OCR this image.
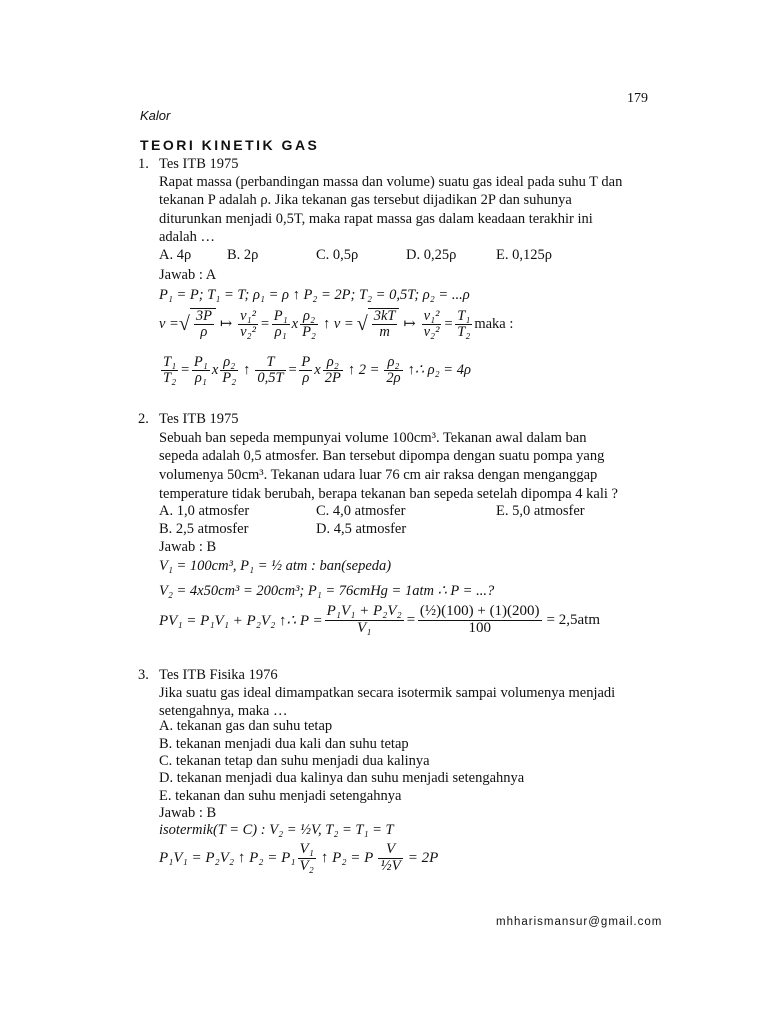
179
Kalor
TEORI KINETIK GAS
1. Tes ITB 1975
Rapat massa (perbandingan massa dan volume) suatu gas ideal pada suhu T dan
tekanan P adalah ρ. Jika tekanan gas tersebut dijadikan 2P dan suhunya
diturunkan menjadi 0,5T, maka rapat massa gas dalam keadaan terakhir ini
adalah …
A. 4ρ B. 2ρ	C. 0,5ρ	D. 0,25ρ	E. 0,125ρ
Jawab : A
P₁ = P; T₁ = T; ρ₁ = ρ ↑ P₂ = 2P; T₂ = 0,5T; ρ₂ = ...ρ
v = √ $\frac{3P}{\rho}$ ↦ $\frac{\text{v₁²}}{\text{v₂²}} = \frac{\text{P₁}}{\text{ρ₁}}$ x $\frac{\text{ρ₂}}{\text{P₂}}$ ↑ v = √ $\frac{3kT}{m}$ ↦ $\frac{\text{v₁²}}{\text{v₂²}} = \frac{\text{T₁}}{\text{T₂}}$ maka :
$\frac{\text{T₁}}{\text{T₂}} = \frac{\text{P₁}}{\text{ρ₁}}$ x $\frac{\text{ρ₂}}{\text{P₂}}$ ↑ $\frac{T}{0,5T} = \frac{P}{\rho}$ x $\frac{\text{ρ₂}}{2P}$ ↑ $2 = \frac{\text{ρ₂}}{2\rho}$ ↑∴ ρ₂ = 4ρ
2. Tes ITB 1975
Sebuah ban sepeda mempunyai volume 100cm³. Tekanan awal dalam ban
sepeda adalah 0,5 atmosfer. Ban tersebut dipompa dengan suatu pompa yang
volumenya 50cm³. Tekanan udara luar 76 cm air raksa dengan menganggap
temperature tidak berubah, berapa tekanan ban sepeda setelah dipompa 4 kali ?
A. 1,0 atmosfer	C. 4,0 atmosfer	E. 5,0 atmosfer
B. 2,5 atmosfer	D. 4,5 atmosfer
Jawab : B
V₁ = 100cm³, P₁ = ½ atm : ban(sepeda)
V₂ = 4x50cm³ = 200cm³; P₁ = 76cmHg = 1atm ∴ P = ...?
PV₁ = P₁V₁ + P₂V₂ ↑∴ $P = \frac{\text{P₁V₁ + P₂V₂}}{\text{V₁}} = \frac{\text{(½)(100) + (1)(200)}}{100} = 2,5atm$
3. Tes ITB Fisika 1976
Jika suatu gas ideal dimampatkan secara isotermik sampai volumenya menjadi
setengahnya, maka …
A. tekanan gas dan suhu tetap
B. tekanan menjadi dua kali dan suhu tetap
C. tekanan tetap dan suhu menjadi dua kalinya
D. tekanan menjadi dua kalinya dan suhu menjadi setengahnya
E. tekanan dan suhu menjadi setengahnya
Jawab : B
isotermik(T = C) : V₂ = ½V, T₂ = T₁ = T
P₁V₁ = P₂V₂ ↑ $P_2 = P_1 \frac{\text{V₁}}{\text{V₂}}$ ↑ P₂ = P $\frac{V}{\text{½V}} = 2P$
mhharismansur@gmail.com
